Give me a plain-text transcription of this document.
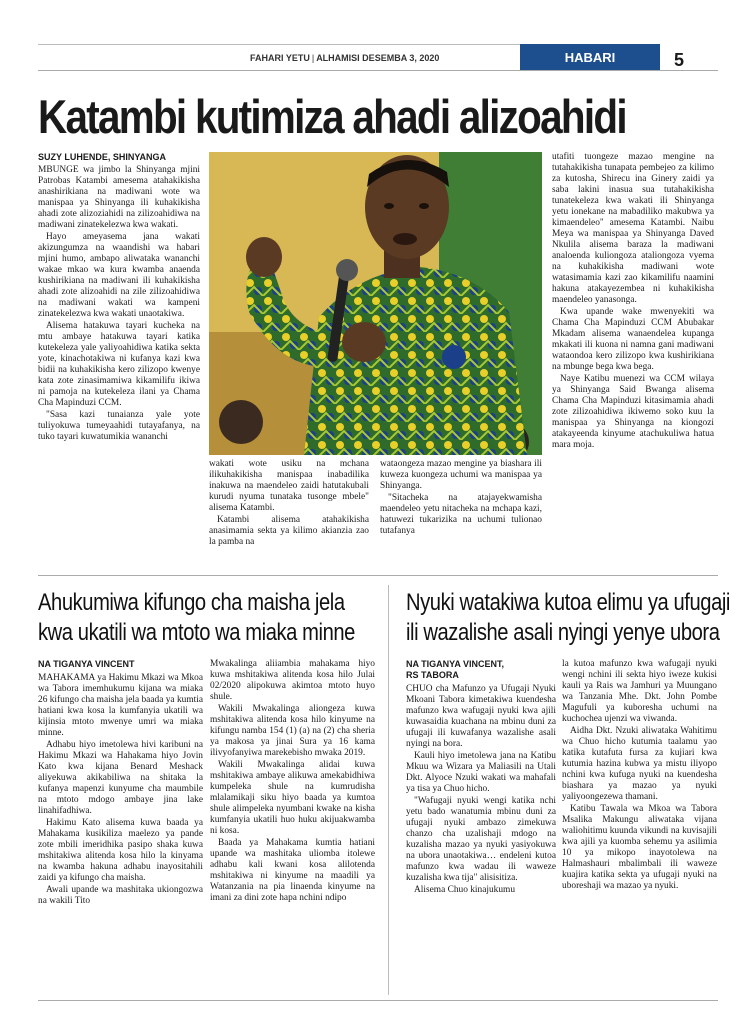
FAHARI YETU | ALHAMISI DESEMBA 3, 2020	HABARI	5
Katambi kutimiza ahadi alizoahidi
SUZY LUHENDE, SHINYANGA

MBUNGE wa jimbo la Shinyanga mjini Patrobas Katambi amesema atahakikisha anashirikiana na madiwani wote wa manispaa ya Shinyanga ili kuhakikisha ahadi zote alizoziahidi na zilizoahidiwa na madiwani zinatekelezwa kwa wakati.

Hayo ameyasema jana wakati akizungumza na waandishi wa habari mjini humo, ambapo aliwataka wananchi wakae mkao wa kura kwamba anaenda kushirikiana na madiwani ili kuhakikisha ahadi zote alizoahidi na zile zilizoahidiwa na madiwani wakati wa kampeni zinatekelezwa kwa wakati unaotakiwa.

Alisema hatakuwa tayari kucheka na mtu ambaye hatakuwa tayari katika kutekeleza yale yaliyoahidiwa katika sekta yote, kinachotakiwa ni kufanya kazi kwa bidii na kuhakikisha kero zilizopo kwenye kata zote zinasimamiwa kikamilifu ikiwa ni pamoja na kutekeleza ilani ya Chama Cha Mapinduzi CCM.

"Sasa kazi tunaianza yale yote tuliyokuwa tumeyaahidi tutayafanya, na tuko tayari kuwatumikia wananchi

wakati wote usiku na mchana ilikuhakikisha manispaa inabadilika inakuwa na maendeleo zaidi hatutakubali kurudi nyuma tunataka tusonge mbele" alisema Katambi.

Katambi alisema atahakikisha anasimamia sekta ya kilimo akianzia zao la pamba na

wataongeza mazao mengine ya biashara ili kuweza kuongeza uchumi wa manispaa ya Shinyanga.

"Sitacheka na atajayekwamisha maendeleo yetu nitacheka na mchapa kazi, hatuwezi tukarizika na uchumi tulionao tutafanya

utafiti tuongeze mazao mengine na tutahakikisha tunapata pembejeo za kilimo za kutosha, Shirecu ina Ginery zaidi ya saba lakini inasua sua tutahakikisha tunatekeleza kwa wakati ili Shinyanga yetu ionekane na mabadiliko makubwa ya kimaendeleo" amesema Katambi. Naibu Meya wa manispaa ya Shinyanga Daved Nkulila alisema baraza la madiwani analoenda kuliongoza ataliongoza vyema na kuhakikisha madiwani wote watasimamia kazi zao kikamilifu naamini hakuna atakayezembea ni kuhakikisha maendeleo yanasonga.

Kwa upande wake mwenyekiti wa Chama Cha Mapinduzi CCM Abubakar Mkadam alisema wanaendelea kupanga mkakati ili kuona ni namna gani madiwani wataondoa kero zilizopo kwa kushirikiana na mbunge bega kwa bega.

Naye Katibu muenezi wa CCM wilaya ya Shinyanga Said Bwanga alisema Chama Cha Mapinduzi kitasimamia ahadi zote zilizoahidiwa ikiwemo soko kuu la manispaa ya Shinyanga na kiongozi atakayeenda kinyume atachukuliwa hatua mara moja.

Ahukumiwa kifungo cha maisha jela
kwa ukatili wa mtoto wa miaka minne
NA TIGANYA VINCENT

MAHAKAMA ya Hakimu Mkazi wa Mkoa wa Tabora imemhukumu kijana wa miaka 26 kifungo cha maisha jela baada ya kumtia hatiani kwa kosa la kumfanyia ukatili wa kijinsia mtoto mwenye umri wa miaka minne.

Adhabu hiyo imetolewa hivi karibuni na Hakimu Mkazi wa Hahakama hiyo Jovin Kato kwa kijana Benard Meshack aliyekuwa akikabiliwa na shitaka la kufanya mapenzi kunyume cha maumbile na mtoto mdogo ambaye jina lake linahifadhiwa.

Hakimu Kato alisema kuwa baada ya Mahakama kusikiliza maelezo ya pande zote mbili imeridhika pasipo shaka kuwa mshitakiwa alitenda kosa hilo la kinyama na kwamba hakuna adhabu inayositahili zaidi ya kifungo cha maisha.

Awali upande wa mashitaka ukiongozwa na wakili Tito

Mwakalinga aliiambia mahakama hiyo kuwa mshitakiwa alitenda kosa hilo Julai 02/2020 alipokuwa akimtoa mtoto huyo shule.

Wakili Mwakalinga aliongeza kuwa mshitakiwa alitenda kosa hilo kinyume na kifungu namba 154 (1) (a) na (2) cha sheria ya makosa ya jinai Sura ya 16 kama ilivyofanyiwa marekebisho mwaka 2019.

Wakili Mwakalinga alidai kuwa mshitakiwa ambaye alikuwa amekabidhiwa kumpeleka shule na kumrudisha mlalamikaji siku hiyo baada ya kumtoa shule alimpeleka nyumbani kwake na kisha kumfanyia ukatili huo huku akijuakwamba ni kosa.

Baada ya Mahakama kumtia hatiani upande wa mashitaka uliomba itolewe adhabu kali kwani kosa alilotenda mshitakiwa ni kinyume na maadili ya Watanzania na pia linaenda kinyume na imani za dini zote hapa nchini ndipo

Nyuki watakiwa kutoa elimu ya ufugaji
ili wazalishe asali nyingi yenye ubora
NA TIGANYA VINCENT,
RS TABORA

CHUO cha Mafunzo ya Ufugaji Nyuki Mkoani Tabora kimetakiwa kuendesha mafunzo kwa wafugaji nyuki kwa ajili kuwasaidia kuachana na mbinu duni za ufugaji ili kuwafanya wazalishe asali nyingi na bora.

Kauli hiyo imetolewa jana na Katibu Mkuu wa Wizara ya Maliasili na Utali Dkt. Alyoce Nzuki wakati wa mahafali ya tisa ya Chuo hicho.

"Wafugaji nyuki wengi katika nchi yetu bado wanatumia mbinu duni za ufugaji nyuki ambazo zimekuwa chanzo cha uzalishaji mdogo na kuzalisha mazao ya nyuki yasiyokuwa na ubora unaotakiwa… endeleni kutoa mafunzo kwa wadau ili waweze kuzalisha kwa tija" alisisitiza.

Alisema Chuo kinajukumu

la kutoa mafunzo kwa wafugaji nyuki wengi nchini ili sekta hiyo iweze kukisi kauli ya Rais wa Jamhuri ya Muungano wa Tanzania Mhe. Dkt. John Pombe Magufuli ya kuboresha uchumi na kuchochea ujenzi wa viwanda.

Aidha Dkt. Nzuki aliwataka Wahitimu wa Chuo hicho kutumia taalamu yao katika kutafuta fursa za kujiari kwa kutumia hazina kubwa ya mistu iliyopo nchini kwa kufuga nyuki na kuendesha biashara ya mazao ya nyuki yaliyoongezewa thamani.

Katibu Tawala wa Mkoa wa Tabora Msalika Makungu aliwataka vijana waliohitimu kuunda vikundi na kuvisajili kwa ajili ya kuomba sehemu ya asilimia 10 ya mikopo inayotolewa na Halmashauri mbalimbali ili waweze kuajira katika sekta ya ufugaji nyuki na uboreshaji wa mazao ya nyuki.
